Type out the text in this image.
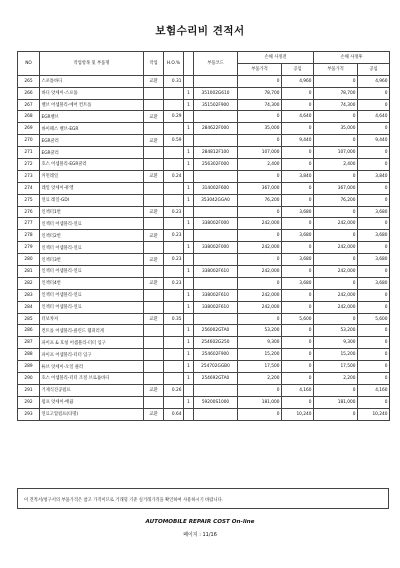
보험수리비 견적서
NO	작업항목 및 부품명	작업	H.O.%		부품코드	손해 사정전		손해 사정후	
						부품가격	공임	부품가격	공임
265	스포틀바디	교환	0.31			0	4,960	0	4,960
266	바디 앗세이-스포툴			1	351002G610	78,700	0	78,700	0
267	벨브 어셈블리-에어 컨트롤			1	351502F900	74,300	0	74,300	0
268	EGR벨브	교환	0.29			0	4,640	0	4,640
269	바이패스 벨브-EGR			1	284622F000	35,000	0	35,000	0
270	EGR쿨러	교환	0.59			0	9,440	0	9,440
271	EGR쿨러			1	284812F100	107,000	0	107,000	0
272	호스 어셈블리-EGR쿨러			1	256302F000	2,400	0	2,400	0
273	커먼레일	교환	0.24			0	3,840	0	3,840
274	레일 앗세이-퓨엘			1	314002F600	367,000	0	367,000	0
275	연료 레일-GDI			1	353042GGA0	76,200	0	76,200	0
276	인젝터1번	교환	0.23			0	3,680	0	3,680
277	인젝터 어셈블리-연료			1	338002F000	242,000	0	242,000	0
278	인젝터2번	교환	0.23			0	3,680	0	3,680
279	인젝터 어셈블리-연료			1	338002F000	242,000	0	242,000	0
280	인젝터3번	교환	0.23			0	3,680	0	3,680
281	인젝터 어셈블리-연료			1	338002F610	242,000	0	242,000	0
282	인젝터4번	교환	0.23			0	3,680	0	3,680
283	인젝터 어셈블리-연료			1	338002F610	242,000	0	242,000	0
284	인젝터 어셈블리-연료			1	338002F610	242,000	0	242,000	0
285	터보챠져	교환	0.35			0	5,600	0	5,600
286	컨트롤 어셈블리-클린드 웹퍼러게			1	256002GTA0	53,200	0	53,200	0
287	파이프 & 호청 어셈블리-터터 입구			1	254602G250	9,300	0	9,300	0
288	파이프 어셈블리-터터 입구			1	254602F900	15,200	0	15,200	0
289	튜브 앗세이-오일 클러			1	254702GGB0	17,500	0	17,500	0
290	호스 어셈블리-터터 조절 브로튤바디			1	254692GTA0	2,200	0	2,200	0
291	거제식진공펌프	교환	0.26			0	4,160	0	4,160
292	펌프 앗세이-배큠			1	59200S1000	181,000	0	181,000	0
293	연료고압펌프(타명)	교환	0.64			0	10,240	0	10,240
이 견적서/청구서의 부품가격은 참고 가격이므로 거래형 기준 실거래가격을 확인하여 사용하시기 바랍니다.
AUTOMOBILE REPAIR COST On-line
페이지 : 11/16
